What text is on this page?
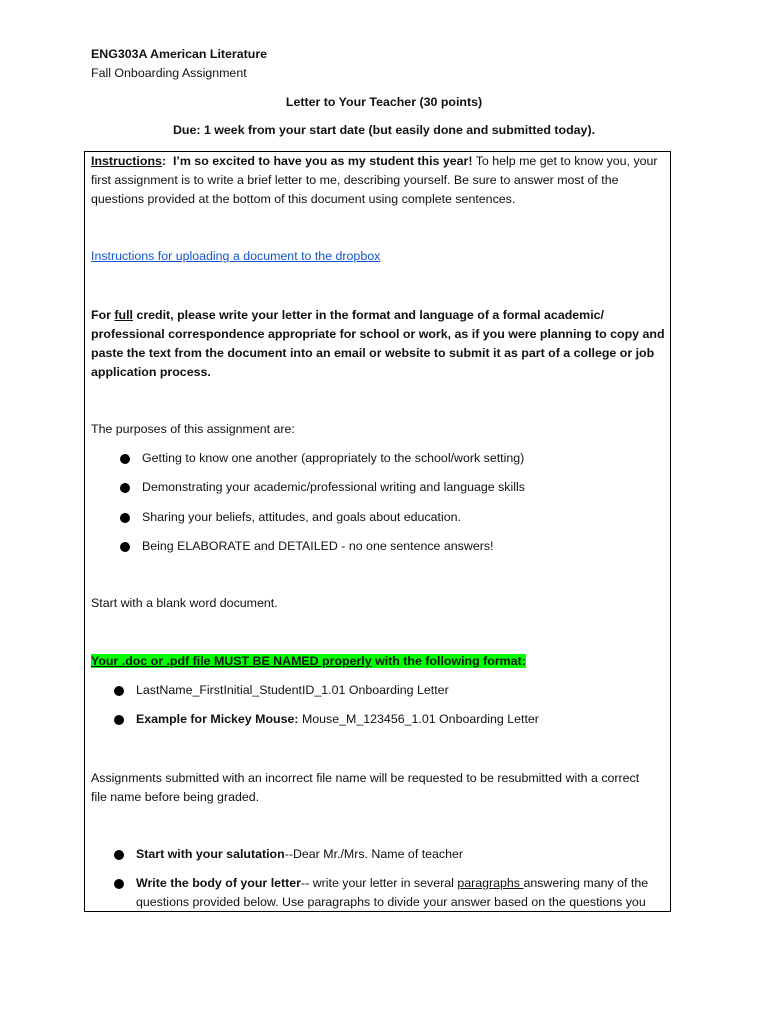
ENG303A American Literature
Fall Onboarding Assignment
Letter to Your Teacher (30 points)
Due: 1 week from your start date (but easily done and submitted today).
Instructions: I’m so excited to have you as my student this year! To help me get to know you, your
first assignment is to write a brief letter to me, describing yourself. Be sure to answer most of the
questions provided at the bottom of this document using complete sentences.
Instructions for uploading a document to the dropbox
For full credit, please write your letter in the format and language of a formal academic/
professional correspondence appropriate for school or work, as if you were planning to copy and
paste the text from the document into an email or website to submit it as part of a college or job
application process.
The purposes of this assignment are:
Getting to know one another (appropriately to the school/work setting)
Demonstrating your academic/professional writing and language skills
Sharing your beliefs, attitudes, and goals about education.
Being ELABORATE and DETAILED - no one sentence answers!
Start with a blank word document.
Your .doc or .pdf file MUST BE NAMED properly with the following format:
LastName_FirstInitial_StudentID_1.01 Onboarding Letter
Example for Mickey Mouse: Mouse_M_123456_1.01 Onboarding Letter
Assignments submitted with an incorrect file name will be requested to be resubmitted with a correct
file name before being graded.
Start with your salutation--Dear Mr./Mrs. Name of teacher
Write the body of your letter-- write your letter in several paragraphs answering many of the
questions provided below. Use paragraphs to divide your answer based on the questions you
